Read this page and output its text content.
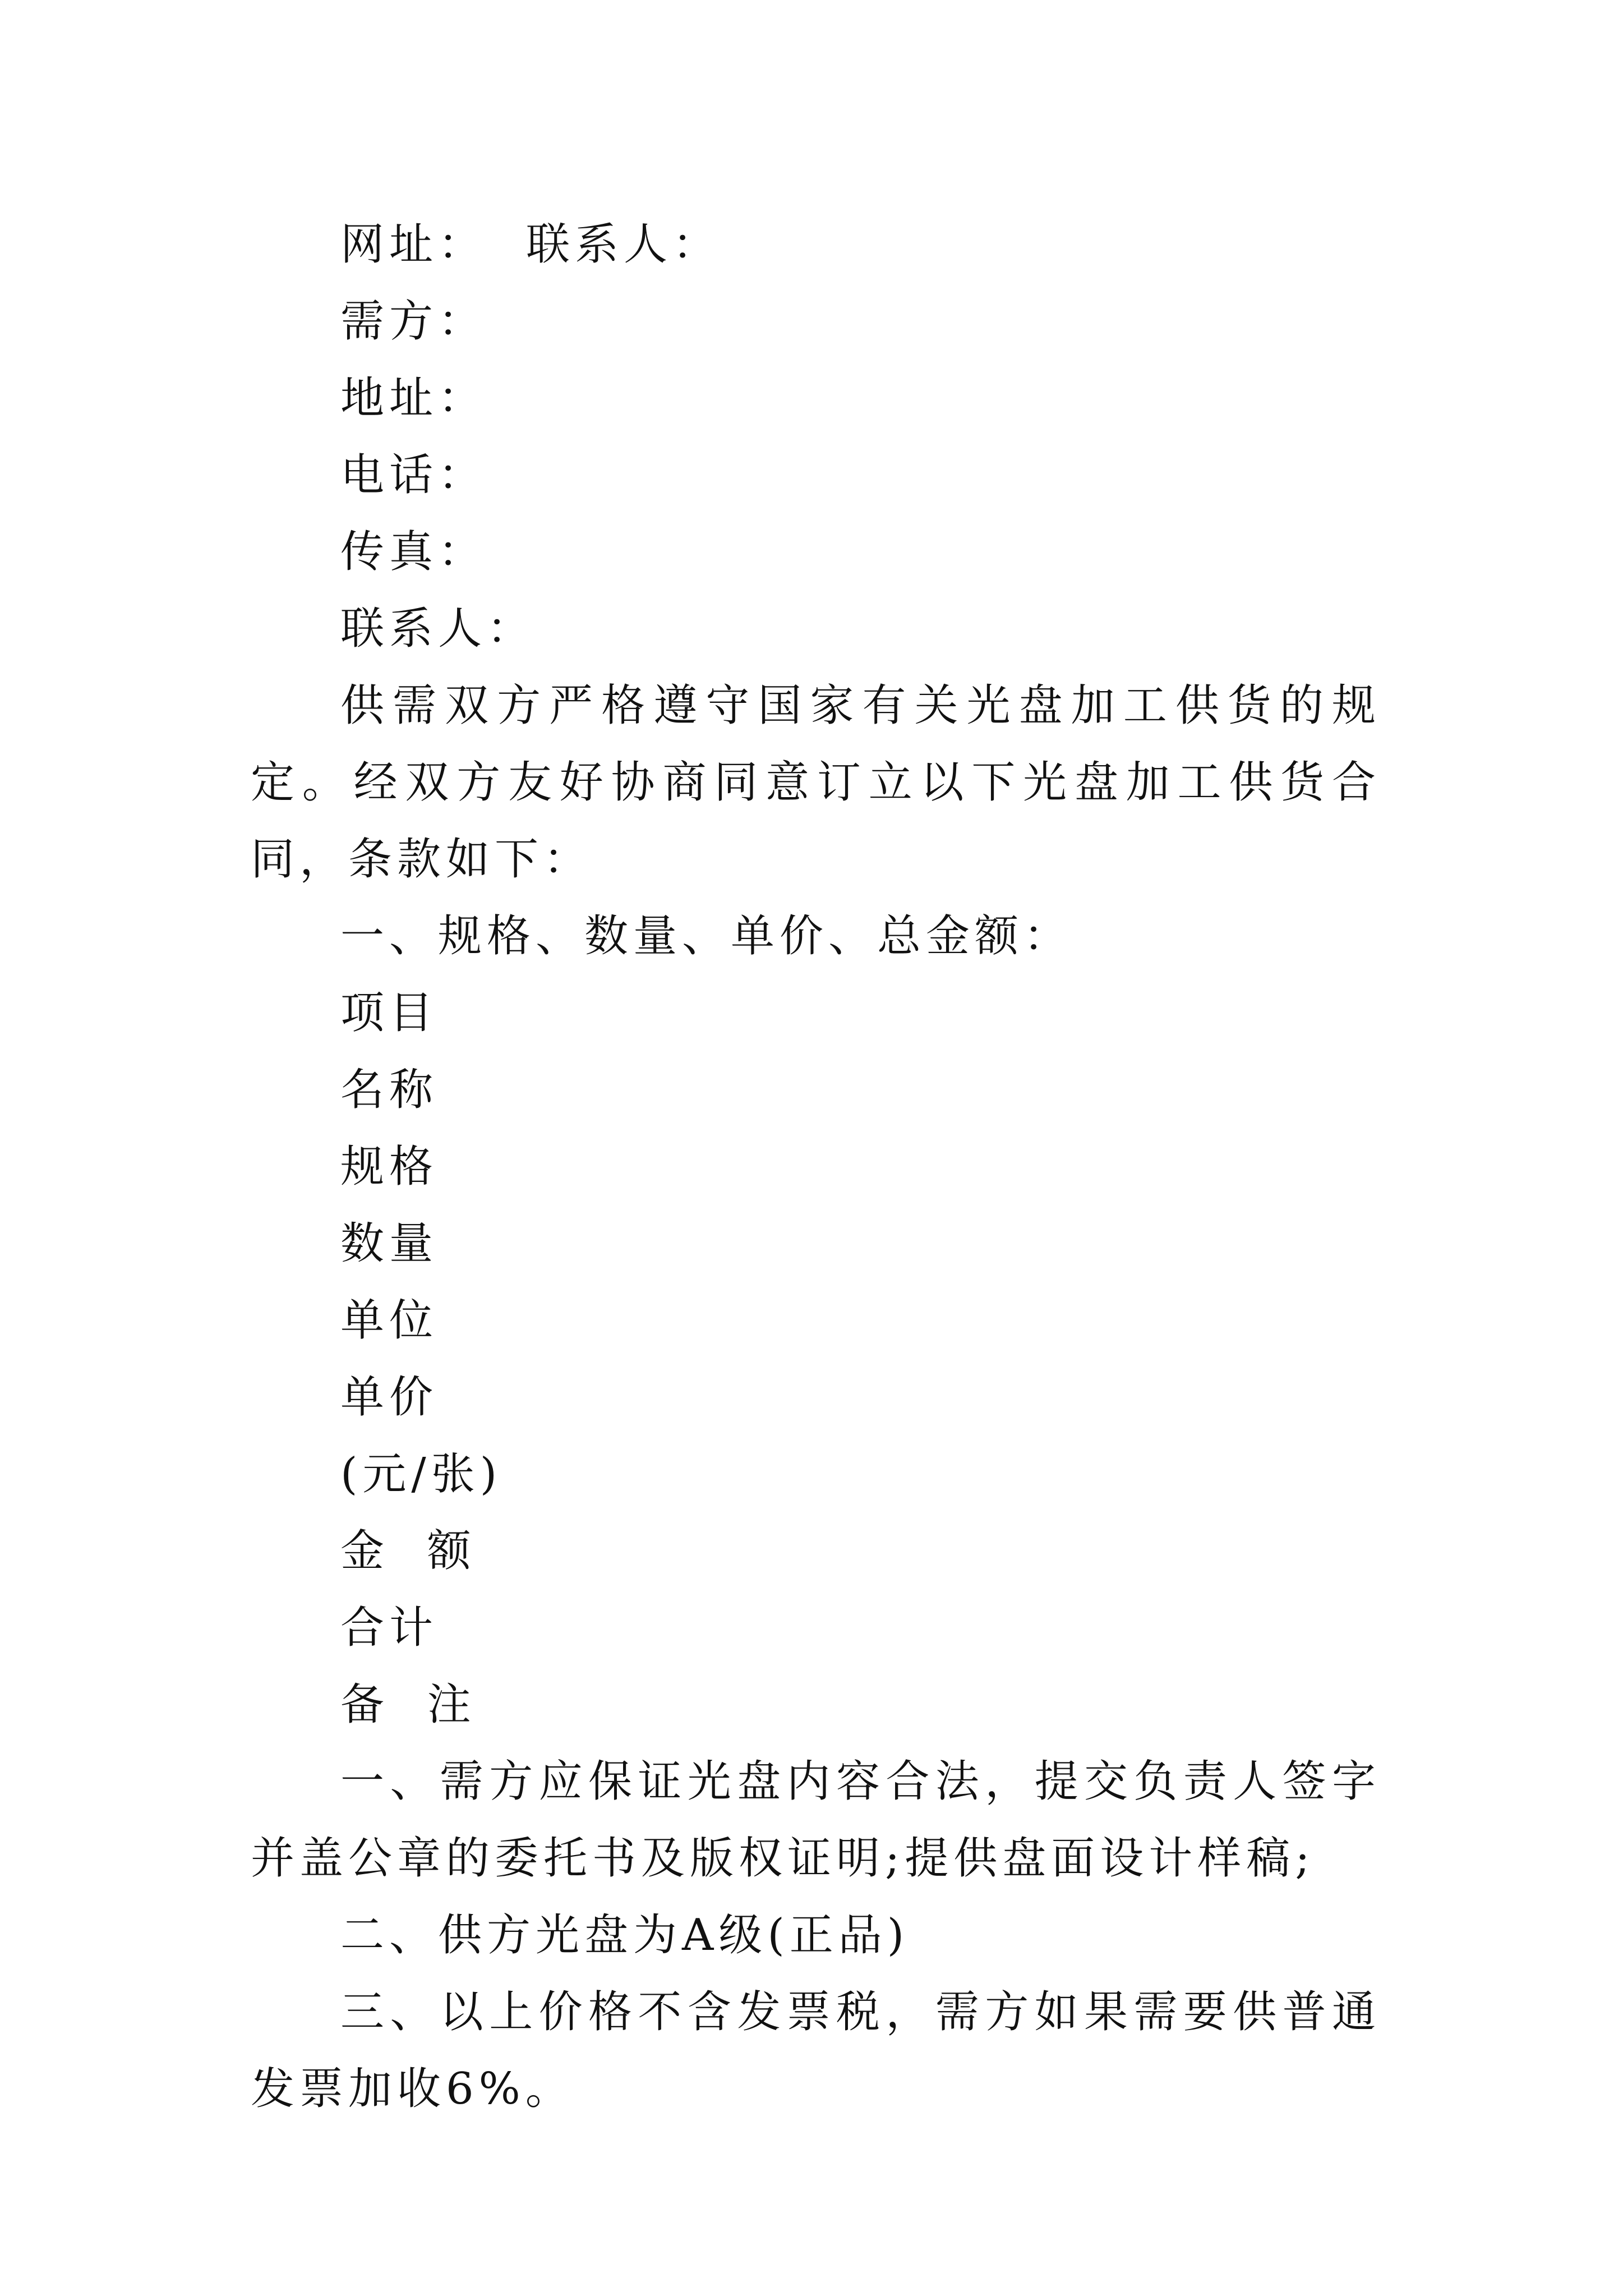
网址： 联系人：
需方：
地址：
电话：
传真：
联系人：
供需双方严格遵守国家有关光盘加工供货的规定。经双方友好协商同意订立以下光盘加工供货合同，条款如下：
一、规格、数量、单价、总金额：
项目
名称
规格
数量
单位
单价
(元/张)
金  额
合计
备  注
一、需方应保证光盘内容合法，提交负责人签字并盖公章的委托书及版权证明;提供盘面设计样稿;
二、供方光盘为A级(正品)
三、以上价格不含发票税，需方如果需要供普通发票加收6%。
